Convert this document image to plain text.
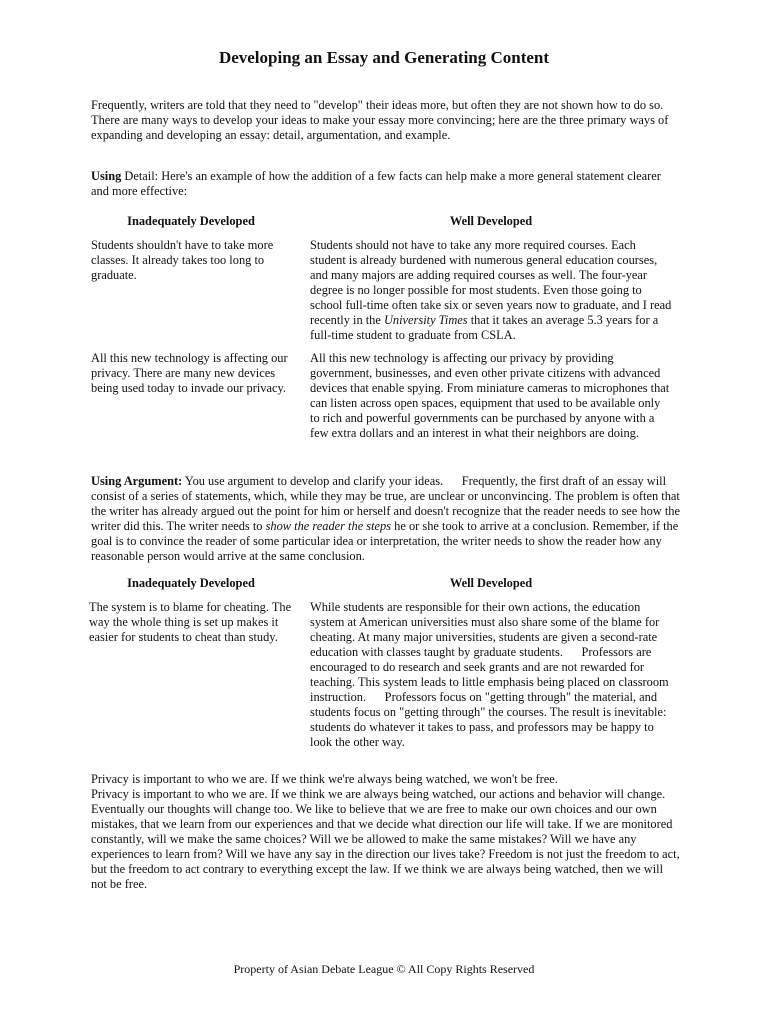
Developing an Essay and Generating Content
Frequently, writers are told that they need to "develop" their ideas more, but often they are not shown how to do so. There are many ways to develop your ideas to make your essay more convincing; here are the three primary ways of expanding and developing an essay: detail, argumentation, and example.
Using Detail: Here's an example of how the addition of a few facts can help make a more general statement clearer and more effective:
Inadequately Developed	Well Developed
Students shouldn't have to take more classes. It already takes too long to graduate.
Students should not have to take any more required courses. Each student is already burdened with numerous general education courses, and many majors are adding required courses as well. The four-year degree is no longer possible for most students. Even those going to school full-time often take six or seven years now to graduate, and I read recently in the University Times that it takes an average 5.3 years for a full-time student to graduate from CSLA.
All this new technology is affecting our privacy. There are many new devices being used today to invade our privacy.
All this new technology is affecting our privacy by providing government, businesses, and even other private citizens with advanced devices that enable spying. From miniature cameras to microphones that can listen across open spaces, equipment that used to be available only to rich and powerful governments can be purchased by anyone with a few extra dollars and an interest in what their neighbors are doing.
Using Argument: You use argument to develop and clarify your ideas.      Frequently, the first draft of an essay will consist of a series of statements, which, while they may be true, are unclear or unconvincing. The problem is often that the writer has already argued out the point for him or herself and doesn't recognize that the reader needs to see how the writer did this. The writer needs to show the reader the steps he or she took to arrive at a conclusion. Remember, if the goal is to convince the reader of some particular idea or interpretation, the writer needs to show the reader how any reasonable person would arrive at the same conclusion.
Inadequately Developed	Well Developed
The system is to blame for cheating. The way the whole thing is set up makes it easier for students to cheat than study.
While students are responsible for their own actions, the education system at American universities must also share some of the blame for cheating. At many major universities, students are given a second-rate education with classes taught by graduate students.      Professors are encouraged to do research and seek grants and are not rewarded for teaching. This system leads to little emphasis being placed on classroom instruction.      Professors focus on "getting through" the material, and students focus on "getting through" the courses. The result is inevitable: students do whatever it takes to pass, and professors may be happy to look the other way.
Privacy is important to who we are. If we think we're always being watched, we won't be free.
Privacy is important to who we are. If we think we are always being watched, our actions and behavior will change. Eventually our thoughts will change too. We like to believe that we are free to make our own choices and our own mistakes, that we learn from our experiences and that we decide what direction our life will take. If we are monitored constantly, will we make the same choices? Will we be allowed to make the same mistakes? Will we have any experiences to learn from? Will we have any say in the direction our lives take? Freedom is not just the freedom to act, but the freedom to act contrary to everything except the law. If we think we are always being watched, then we will not be free.
Property of Asian Debate League © All Copy Rights Reserved
